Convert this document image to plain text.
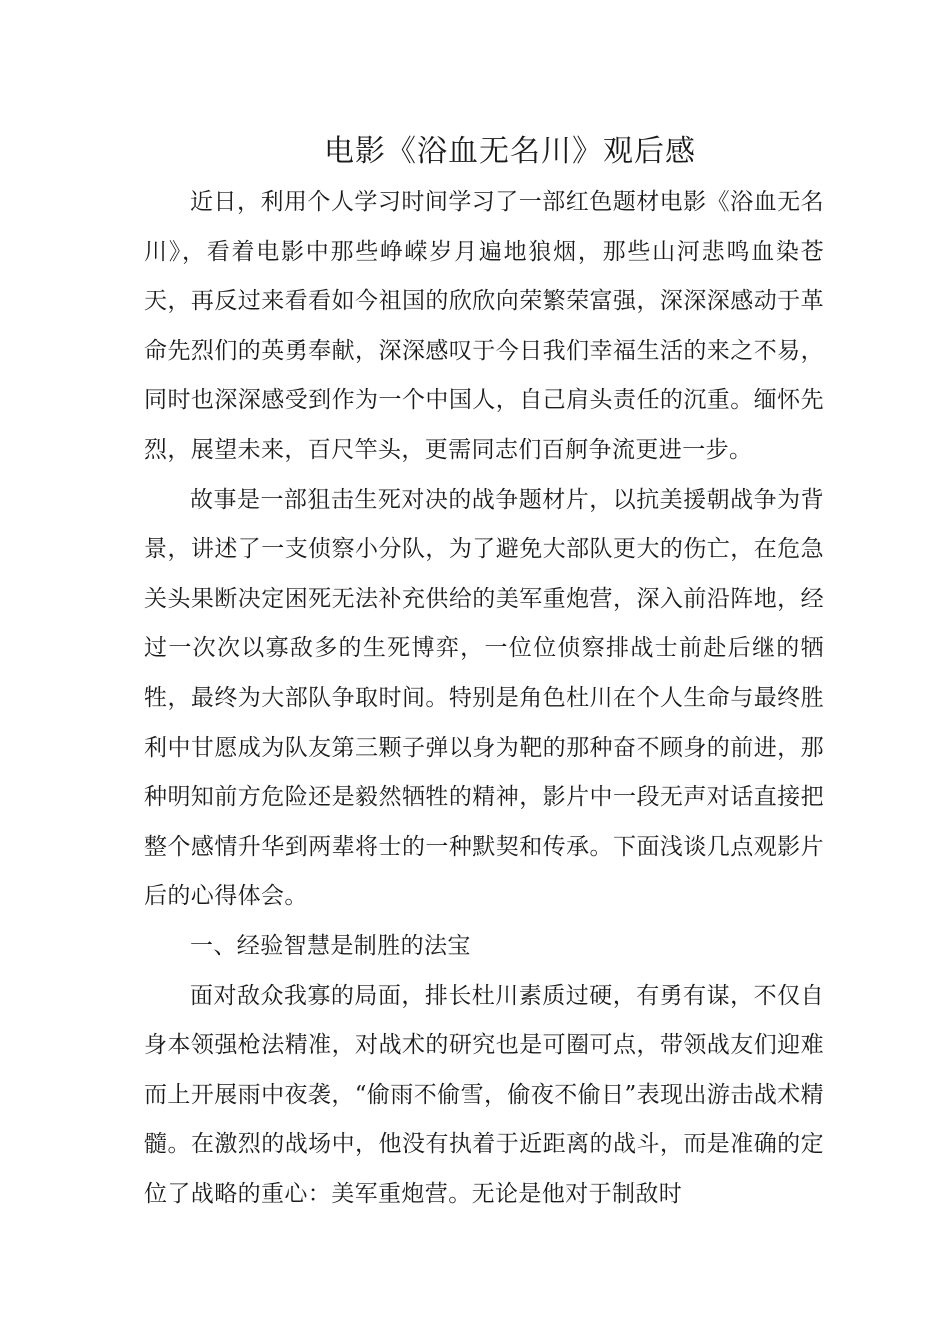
电影《浴血无名川》观后感

近日，利用个人学习时间学习了一部红色题材电影《浴血无名川》，看着电影中那些峥嵘岁月遍地狼烟，那些山河悲鸣血染苍天，再反过来看看如今祖国的欣欣向荣繁荣富强，深深深感动于革命先烈们的英勇奉献，深深感叹于今日我们幸福生活的来之不易，同时也深深感受到作为一个中国人，自己肩头责任的沉重。缅怀先烈，展望未来，百尺竿头，更需同志们百舸争流更进一步。

故事是一部狙击生死对决的战争题材片，以抗美援朝战争为背景，讲述了一支侦察小分队，为了避免大部队更大的伤亡，在危急关头果断决定困死无法补充供给的美军重炮营，深入前沿阵地，经过一次次以寡敌多的生死博弈，一位位侦察排战士前赴后继的牺牲，最终为大部队争取时间。特别是角色杜川在个人生命与最终胜利中甘愿成为队友第三颗子弹以身为靶的那种奋不顾身的前进，那种明知前方危险还是毅然牺牲的精神，影片中一段无声对话直接把整个感情升华到两辈将士的一种默契和传承。下面浅谈几点观影片后的心得体会。

一、经验智慧是制胜的法宝

面对敌众我寡的局面，排长杜川素质过硬，有勇有谋，不仅自身本领强枪法精准，对战术的研究也是可圈可点，带领战友们迎难而上开展雨中夜袭，“偷雨不偷雪，偷夜不偷日”表现出游击战术精髓。在激烈的战场中，他没有执着于近距离的战斗，而是准确的定位了战略的重心：美军重炮营。无论是他对于制敌时
